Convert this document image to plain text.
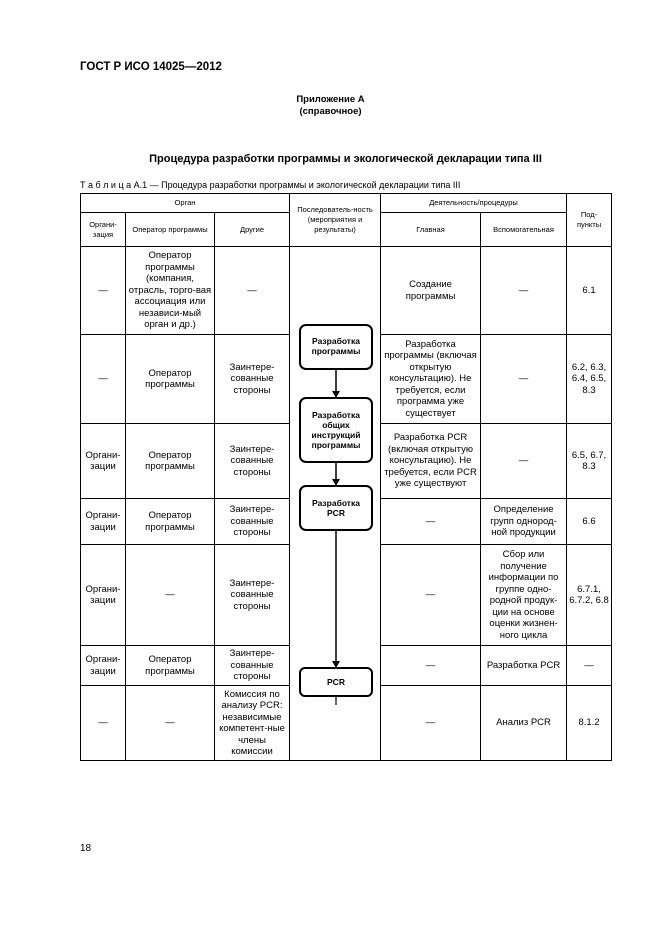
ГОСТ Р ИСО 14025—2012
Приложение А
(справочное)
Процедура разработки программы и экологической декларации типа III
Т а б л и ц а А.1 — Процедура разработки программы и экологической декларации типа III
Орган			Последователь-ность (мероприятия и результаты)	Деятельность/процедуры		Под-пункты
Органи-зация	Оператор программы	Другие		Главная	Вспомогательная	
—	Оператор программы (компания, отрасль, торго-вая ассоциация или независи-мый орган и др.)	—		Создание программы	—	6.1
—	Оператор программы	Заинтере-сованные стороны		Разработка программы (включая открытую консультацию). Не требуется, если программа уже существует	—	6.2, 6.3, 6.4, 6.5, 8.3
Органи-зации	Оператор программы	Заинтере-сованные стороны		Разработка PCR (включая открытую консультацию). Не требуется, если PCR уже существуют	—	6.5, 6.7, 8.3
Органи-зации	Оператор программы	Заинтере-сованные стороны		—	Определение групп однород-ной продукции	6.6
Органи-зации	—	Заинтере-сованные стороны		—	Сбор или получение информации по группе одно-родной продук-ции на основе оценки жизнен-ного цикла	6.7.1, 6.7.2, 6.8
Органи-зации	Оператор программы	Заинтере-сованные стороны		—	Разработка PCR	—
—	—	Комиссия по анализу PCR: независимые компетент-ные члены комиссии		—	Анализ PCR	8.1.2
Разработка программы
Разработка общих инструкций программы
Разработка PCR
PCR
18
